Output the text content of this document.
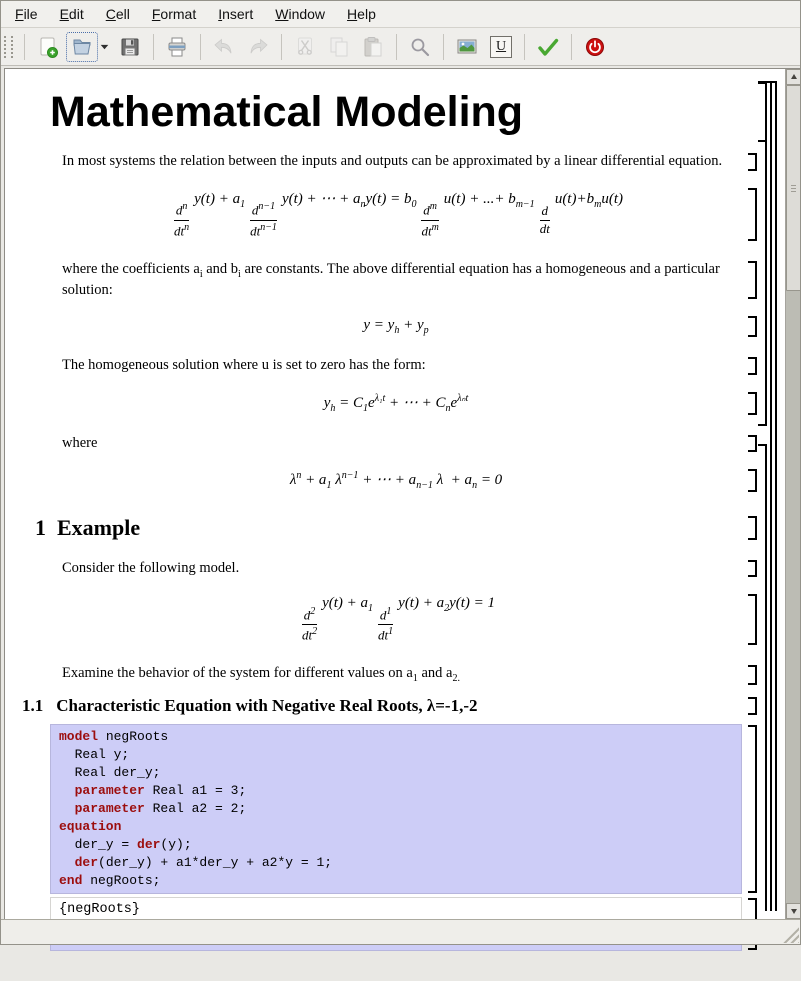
File	Edit	Cell	Format	Insert	Window	Help
U
Mathematical Modeling
In most systems the relation between the inputs and outputs can be approximated by a linear differential equation.
$\frac{d^n}{dt^n}$
$y(t) + a_1 \frac{d^{n-1}}{dt^{n-1}}$
y(t) + ⋯ + $a_ny(t) = b_0 \frac{d^m}{dt^m}$
u(t) + ...+ $b_{m-1} \frac{d}{dt}$
$u(t)+b_mu(t)$
where the coefficients $a_i$ and $b_i$ are constants. The above differential equation has a homogeneous and a particular solution:
$y = y_h + y_p$
The homogeneous solution where u is set to zero has the form:
$y_h = C_1e^{\lambda_1t}$ + ⋯ + $C_ne^{\lambda_nt}$
where
$\lambda^n + a_1$ $\lambda^{n-1}$ + ⋯ + $a_{n-1}$ $\lambda + a_n = 0$
1 Example
Consider the following model.
$\frac{d^2}{dt^2}$
$y(t) + a_1 \frac{d^1}{dt^1}$
$y(t) + a_2y(t) = 1$
Examine the behavior of the system for different values on $a_1$ and $a_{2.}$
1.1 Characteristic Equation with Negative Real Roots, λ=-1,-2
model negRoots
Real y;
Real der_y;
parameter Real a1 = 3;
parameter Real a2 = 2;
equation
der_y = der(y);
der(der_y) + a1*der_y + a2*y = 1;
end negRoots;
{negRoots}
